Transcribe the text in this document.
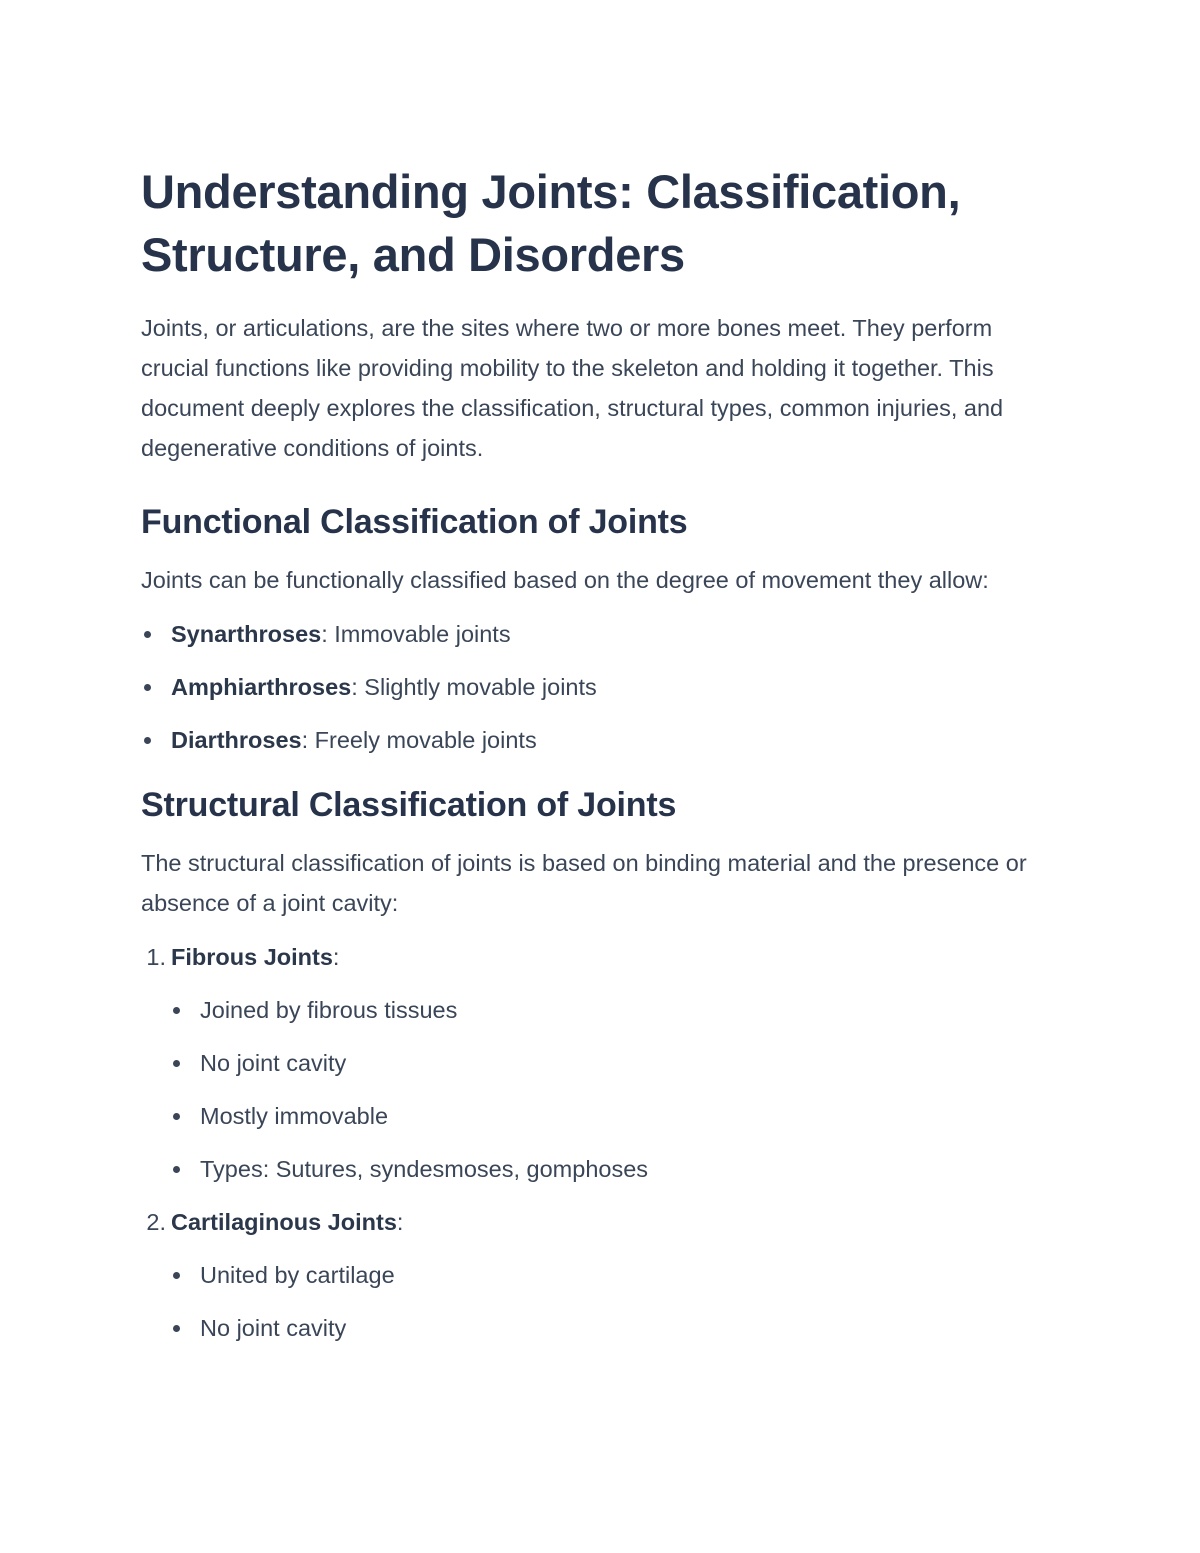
Understanding Joints: Classification, Structure, and Disorders

Joints, or articulations, are the sites where two or more bones meet. They perform crucial functions like providing mobility to the skeleton and holding it together. This document deeply explores the classification, structural types, common injuries, and degenerative conditions of joints.

Functional Classification of Joints

Joints can be functionally classified based on the degree of movement they allow:

Synarthroses: Immovable joints
Amphiarthroses: Slightly movable joints
Diarthroses: Freely movable joints
Structural Classification of Joints

The structural classification of joints is based on binding material and the presence or absence of a joint cavity:

1. Fibrous Joints:
Joined by fibrous tissues
No joint cavity
Mostly immovable
Types: Sutures, syndesmoses, gomphoses
2. Cartilaginous Joints:
United by cartilage
No joint cavity
